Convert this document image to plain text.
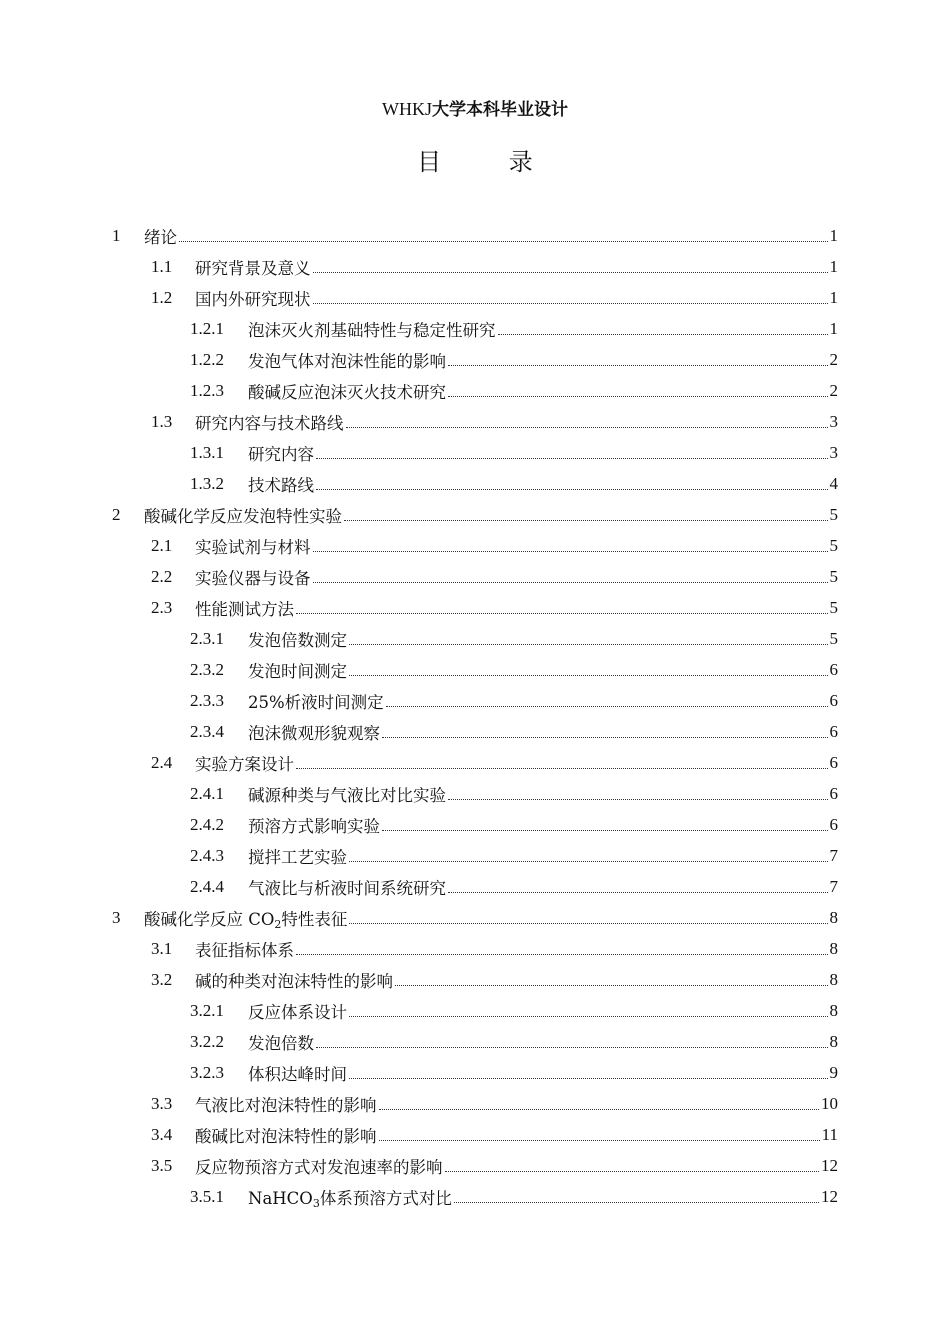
WHKJ大学本科毕业设计
目 录
1	绪论	1
1.1	研究背景及意义	1
1.2	国内外研究现状	1
1.2.1	泡沫灭火剂基础特性与稳定性研究	1
1.2.2	发泡气体对泡沫性能的影响	2
1.2.3	酸碱反应泡沫灭火技术研究	2
1.3	研究内容与技术路线	3
1.3.1	研究内容	3
1.3.2	技术路线	4
2	酸碱化学反应发泡特性实验	5
2.1	实验试剂与材料	5
2.2	实验仪器与设备	5
2.3	性能测试方法	5
2.3.1	发泡倍数测定	5
2.3.2	发泡时间测定	6
2.3.3	25%析液时间测定	6
2.3.4	泡沫微观形貌观察	6
2.4	实验方案设计	6
2.4.1	碱源种类与气液比对比实验	6
2.4.2	预溶方式影响实验	6
2.4.3	搅拌工艺实验	7
2.4.4	气液比与析液时间系统研究	7
3	酸碱化学反应 $CO_2$特性表征	8
3.1	表征指标体系	8
3.2	碱的种类对泡沫特性的影响	8
3.2.1	反应体系设计	8
3.2.2	发泡倍数	8
3.2.3	体积达峰时间	9
3.3	气液比对泡沫特性的影响	10
3.4	酸碱比对泡沫特性的影响	11
3.5	反应物预溶方式对发泡速率的影响	12
3.5.1	NaHCO$_3$体系预溶方式对比	12
